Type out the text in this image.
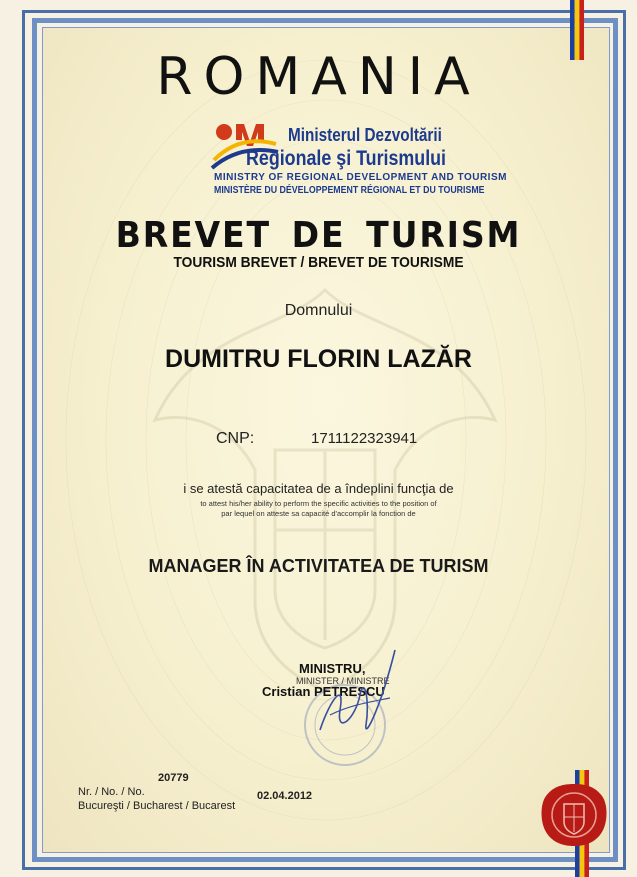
ROMANIA
Ministerul Dezvoltării
Regionale şi Turismului
MINISTRY OF REGIONAL DEVELOPMENT AND TOURISM
MINISTÈRE DU DÉVELOPPEMENT RÉGIONAL ET DU TOURISME
BREVET DE TURISM
TOURISM BREVET / BREVET DE TOURISME
Domnului
DUMITRU FLORIN LAZĂR
CNP:	1711122323941
i se atestă capacitatea de a îndeplini funcţia de
to attest his/her ability to perform the specific activities to the position of
par lequel on atteste sa capacité d'accomplir la fonction de
MANAGER ÎN ACTIVITATEA DE TURISM
MINISTRU,
MINISTER / MINISTRE
Cristian PETRESCU
20779
Nr. / No. / No.
Bucureşti / Bucharest / Bucarest
02.04.2012
